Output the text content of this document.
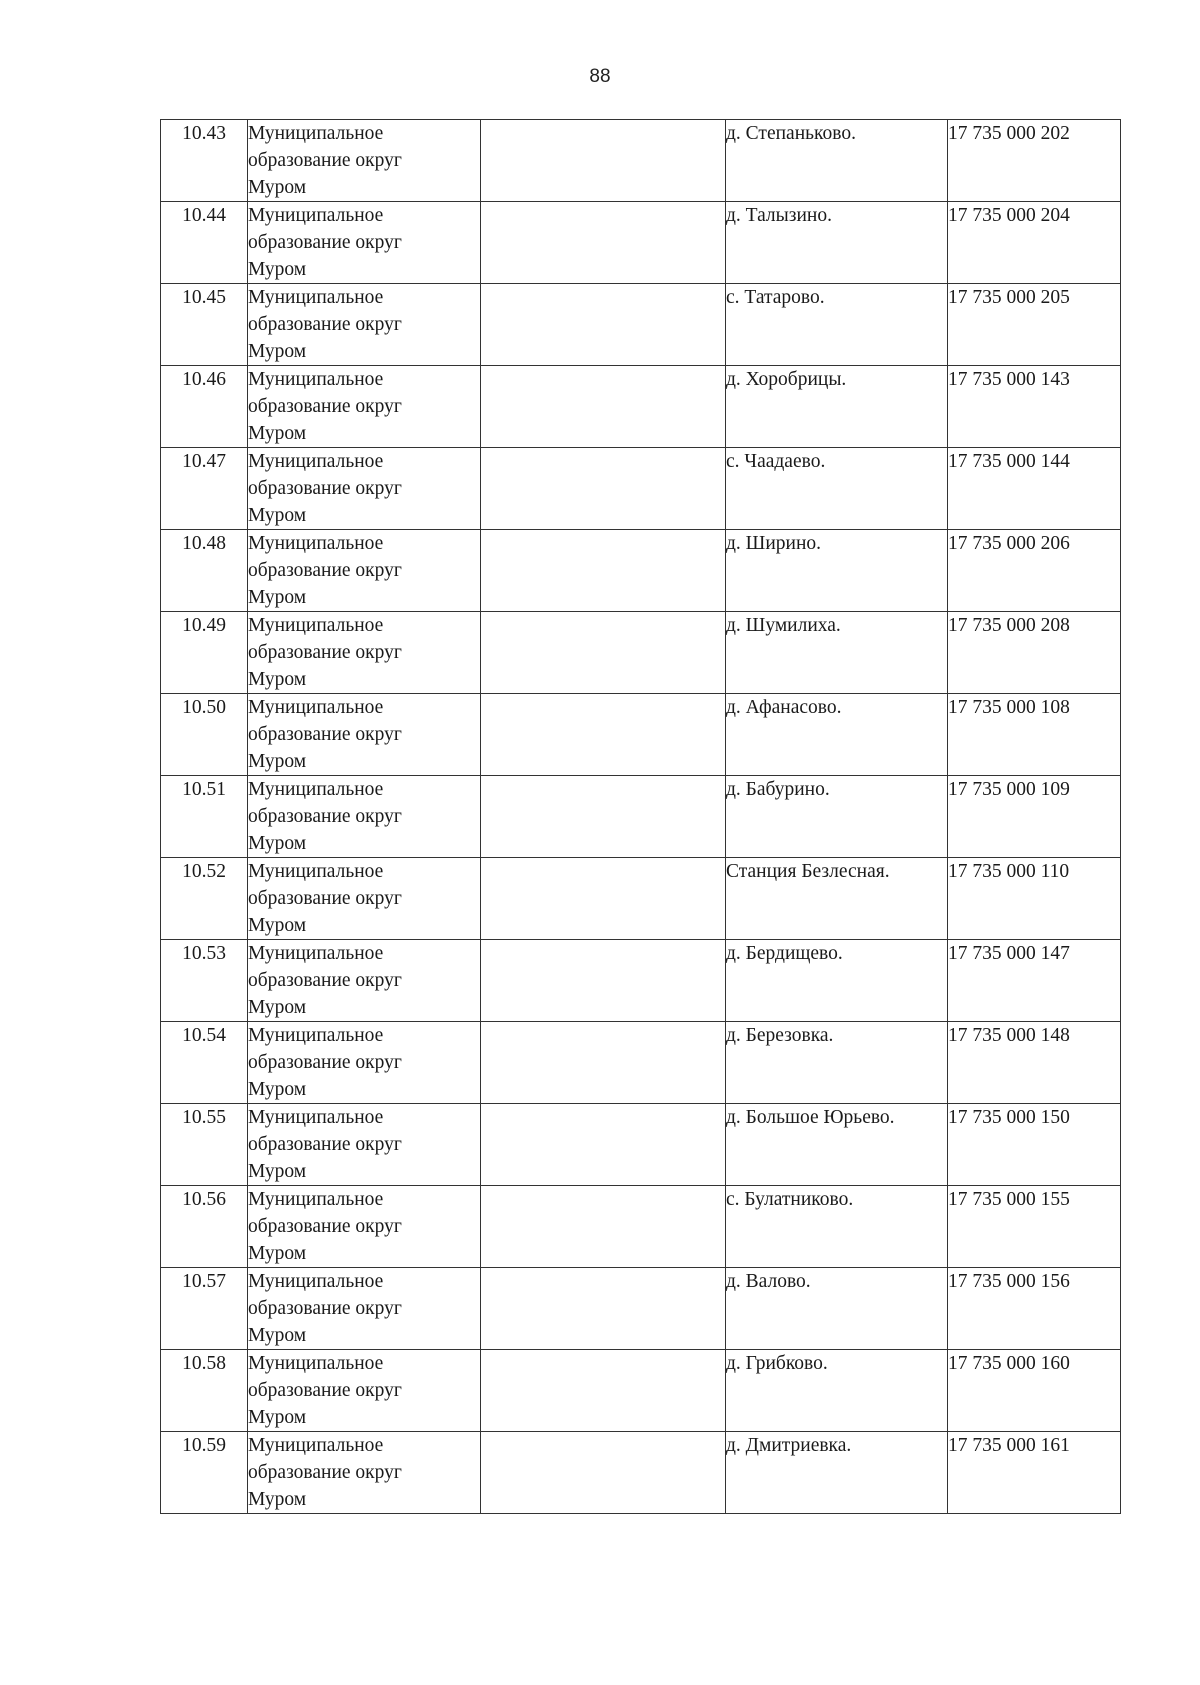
88
10.43	Муниципальное
образование округ
Муром		д. Степаньково.	17 735 000 202
10.44	Муниципальное
образование округ
Муром		д. Талызино.	17 735 000 204
10.45	Муниципальное
образование округ
Муром		с. Татарово.	17 735 000 205
10.46	Муниципальное
образование округ
Муром		д. Хоробрицы.	17 735 000 143
10.47	Муниципальное
образование округ
Муром		с. Чаадаево.	17 735 000 144
10.48	Муниципальное
образование округ
Муром		д. Ширино.	17 735 000 206
10.49	Муниципальное
образование округ
Муром		д. Шумилиха.	17 735 000 208
10.50	Муниципальное
образование округ
Муром		д. Афанасово.	17 735 000 108
10.51	Муниципальное
образование округ
Муром		д. Бабурино.	17 735 000 109
10.52	Муниципальное
образование округ
Муром		Станция Безлесная.	17 735 000 110
10.53	Муниципальное
образование округ
Муром		д. Бердищево.	17 735 000 147
10.54	Муниципальное
образование округ
Муром		д. Березовка.	17 735 000 148
10.55	Муниципальное
образование округ
Муром		д. Большое Юрьево.	17 735 000 150
10.56	Муниципальное
образование округ
Муром		с. Булатниково.	17 735 000 155
10.57	Муниципальное
образование округ
Муром		д. Валово.	17 735 000 156
10.58	Муниципальное
образование округ
Муром		д. Грибково.	17 735 000 160
10.59	Муниципальное
образование округ
Муром		д. Дмитриевка.	17 735 000 161
